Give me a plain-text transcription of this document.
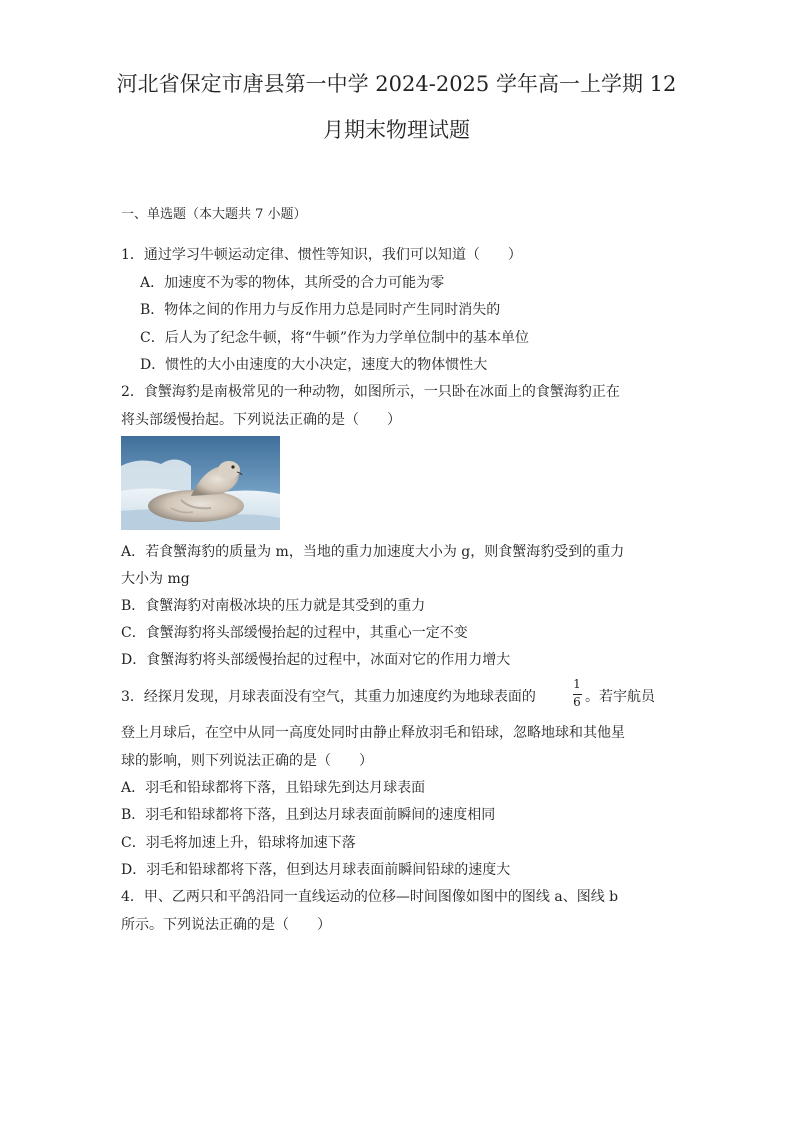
河北省保定市唐县第一中学 2024-2025 学年高一上学期 12
月期末物理试题
一、单选题（本大题共 7 小题）
1．通过学习牛顿运动定律、惯性等知识，我们可以知道（　　）
A．加速度不为零的物体，其所受的合力可能为零
B．物体之间的作用力与反作用力总是同时产生同时消失的
C．后人为了纪念牛顿，将“牛顿”作为力学单位制中的基本单位
D．惯性的大小由速度的大小决定，速度大的物体惯性大
2．食蟹海豹是南极常见的一种动物，如图所示，一只卧在冰面上的食蟹海豹正在
将头部缓慢抬起。下列说法正确的是（　　）
A．若食蟹海豹的质量为 m，当地的重力加速度大小为 g，则食蟹海豹受到的重力
大小为 mg
B．食蟹海豹对南极冰块的压力就是其受到的重力
C．食蟹海豹将头部缓慢抬起的过程中，其重心一定不变
D．食蟹海豹将头部缓慢抬起的过程中，冰面对它的作用力增大
3．经探月发现，月球表面没有空气，其重力加速度约为地球表面的
1
6 。若宇航员
登上月球后，在空中从同一高度处同时由静止释放羽毛和铅球，忽略地球和其他星
球的影响，则下列说法正确的是（　　）
A．羽毛和铅球都将下落，且铅球先到达月球表面
B．羽毛和铅球都将下落，且到达月球表面前瞬间的速度相同
C．羽毛将加速上升，铅球将加速下落
D．羽毛和铅球都将下落，但到达月球表面前瞬间铅球的速度大
4．甲、乙两只和平鸽沿同一直线运动的位移—时间图像如图中的图线 a、图线 b
所示。下列说法正确的是（　　）
